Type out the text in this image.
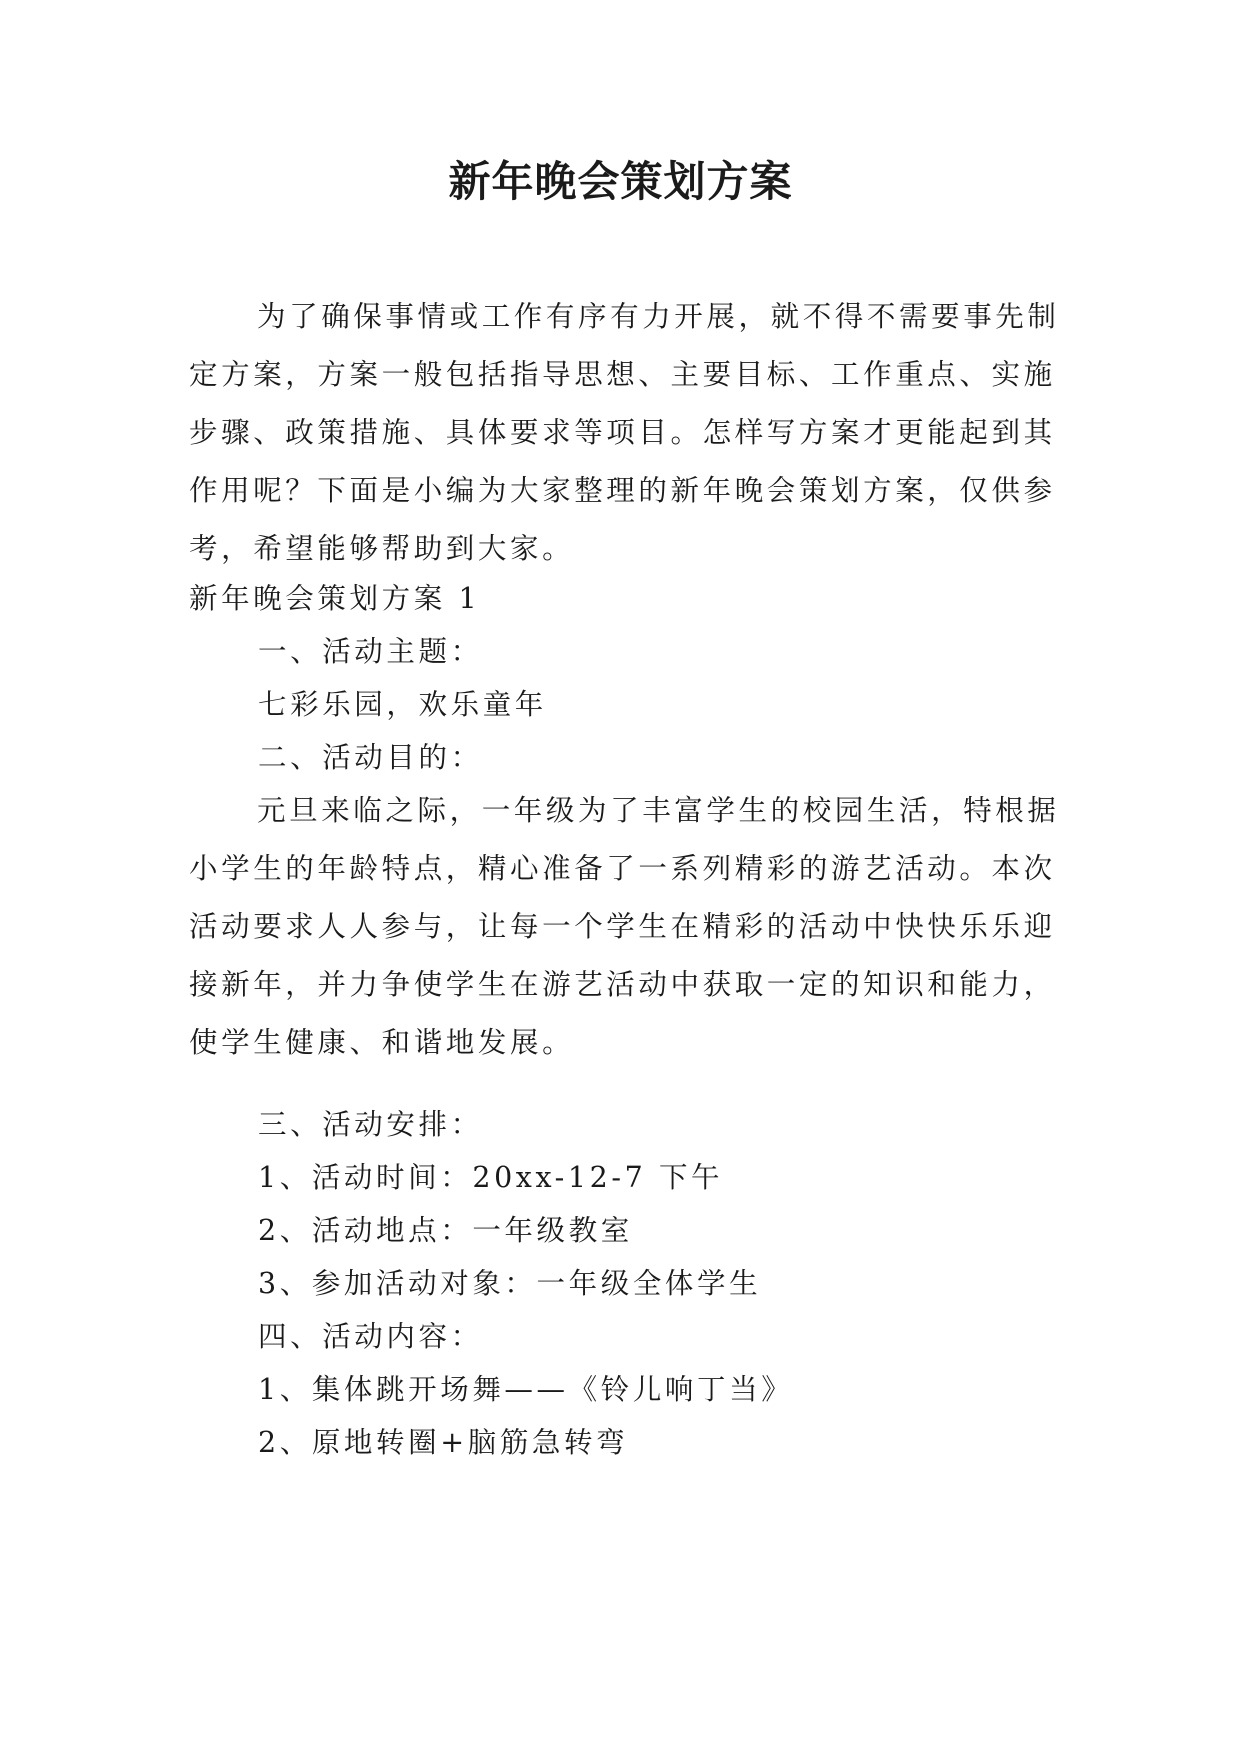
新年晚会策划方案

为了确保事情或工作有序有力开展，就不得不需要事先制定方案，方案一般包括指导思想、主要目标、工作重点、实施步骤、政策措施、具体要求等项目。怎样写方案才更能起到其作用呢？下面是小编为大家整理的新年晚会策划方案，仅供参考，希望能够帮助到大家。

新年晚会策划方案 1

一、活动主题：

七彩乐园，欢乐童年

二、活动目的：

元旦来临之际，一年级为了丰富学生的校园生活，特根据小学生的年龄特点，精心准备了一系列精彩的游艺活动。本次活动要求人人参与，让每一个学生在精彩的活动中快快乐乐迎接新年，并力争使学生在游艺活动中获取一定的知识和能力，使学生健康、和谐地发展。

三、活动安排：

1、活动时间：20xx-12-7 下午

2、活动地点：一年级教室

3、参加活动对象：一年级全体学生

四、活动内容：

1、集体跳开场舞——《铃儿响丁当》

2、原地转圈+脑筋急转弯
